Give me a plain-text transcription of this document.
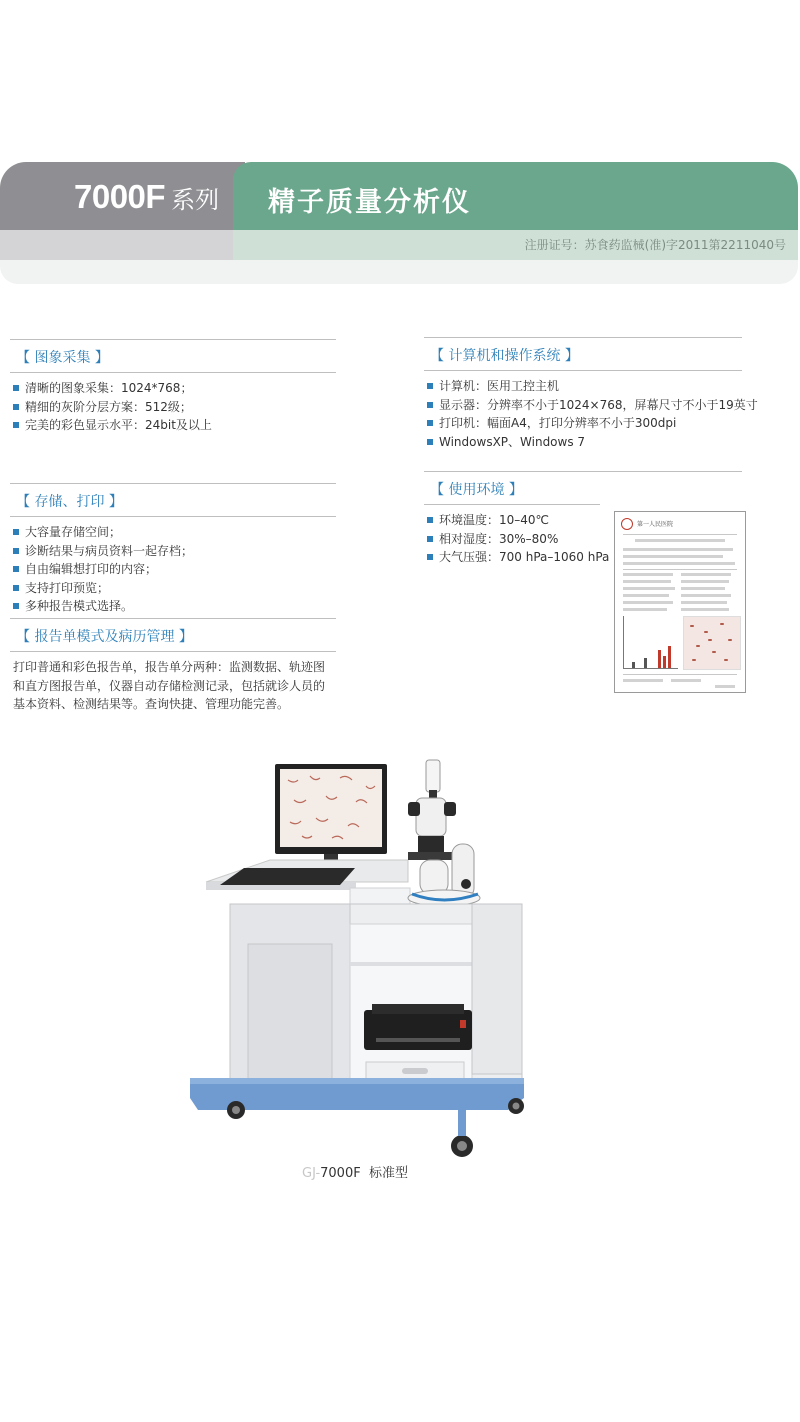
7000F 系列 精子质量分析仪
注册证号：苏食药监械(准)字2011第2211040号
【 图象采集 】
清晰的图象采集：1024*768；
精细的灰阶分层方案：512级；
完美的彩色显示水平：24bit及以上
【 存储、打印 】
大容量存储空间；
诊断结果与病员资料一起存档；
自由编辑想打印的内容；
支持打印预览；
多种报告模式选择。
【 报告单模式及病历管理 】
打印普通和彩色报告单，报告单分两种：监测数据、轨迹图和直方图报告单，仪器自动存储检测记录，包括就诊人员的基本资料、检测结果等。查询快捷、管理功能完善。
【 计算机和操作系统 】
计算机：医用工控主机
显示器：分辨率不小于1024×768，屏幕尺寸不小于19英寸
打印机：幅面A4，打印分辨率不小于300dpi
WindowsXP、Windows 7
【 使用环境 】
环境温度：10–40℃
相对湿度：30%–80%
大气压强：700 hPa–1060 hPa
第一人民医院
GJ-7000F 标准型
